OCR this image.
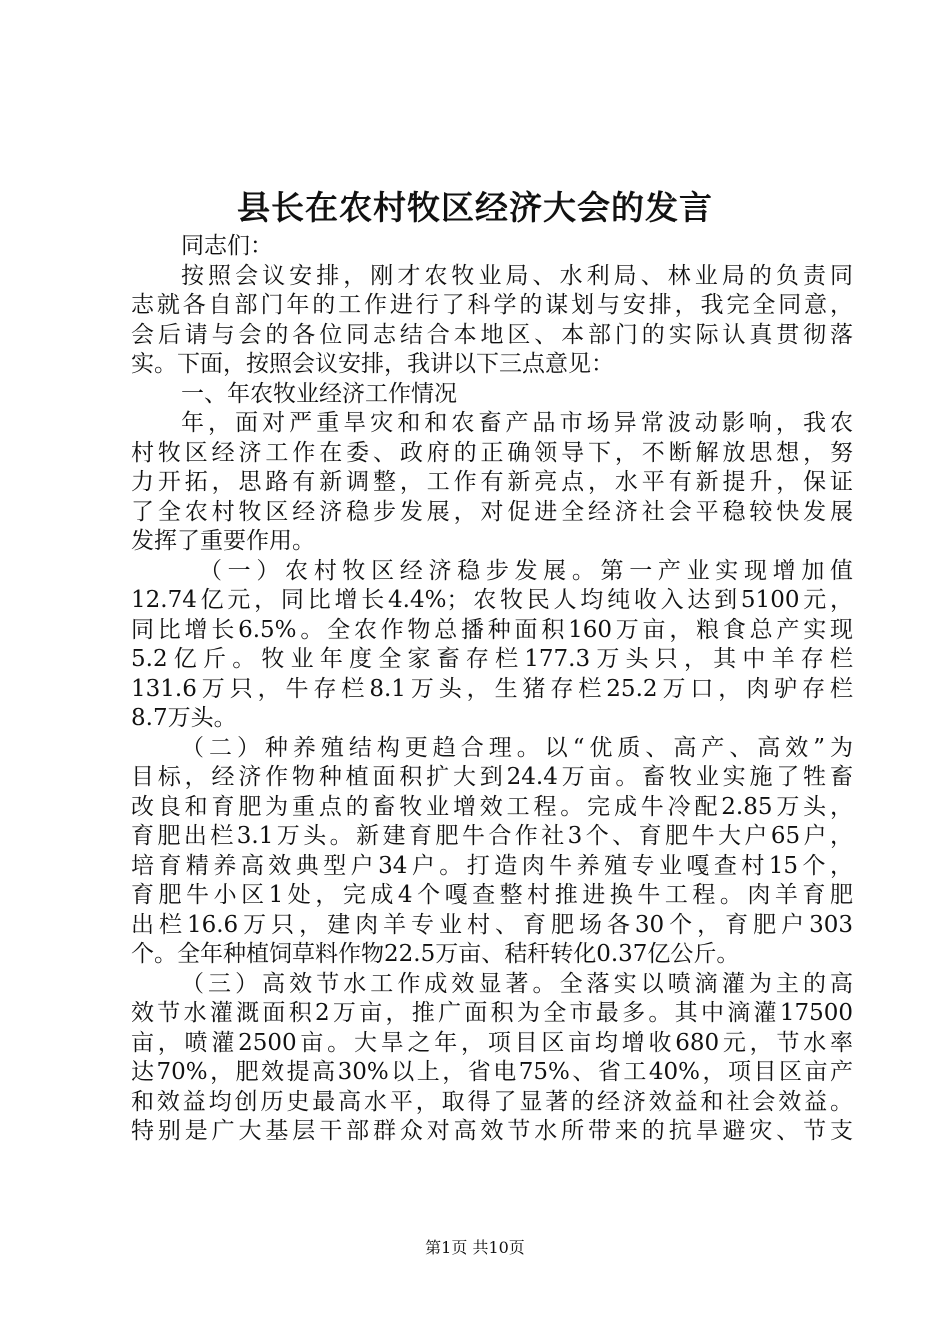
县长在农村牧区经济大会的发言
同志们：
按照会议安排，刚才农牧业局、水利局、林业局的负责同
志就各自部门年的工作进行了科学的谋划与安排，我完全同意，
会后请与会的各位同志结合本地区、本部门的实际认真贯彻落
实。下面，按照会议安排，我讲以下三点意见：
一、年农牧业经济工作情况
年，面对严重旱灾和和农畜产品市场异常波动影响，我农
村牧区经济工作在委、政府的正确领导下，不断解放思想，努
力开拓，思路有新调整，工作有新亮点，水平有新提升，保证
了全农村牧区经济稳步发展，对促进全经济社会平稳较快发展
发挥了重要作用。
（一）农村牧区经济稳步发展。第一产业实现增加值
12.74亿元，同比增长4.4%；农牧民人均纯收入达到5100元，
同比增长6.5%。全农作物总播种面积160万亩，粮食总产实现
5.2亿斤。牧业年度全家畜存栏177.3万头只，其中羊存栏
131.6万只，牛存栏8.1万头，生猪存栏25.2万口，肉驴存栏
8.7万头。
（二）种养殖结构更趋合理。以“优质、高产、高效”为
目标，经济作物种植面积扩大到24.4万亩。畜牧业实施了牲畜
改良和育肥为重点的畜牧业增效工程。完成牛冷配2.85万头，
育肥出栏3.1万头。新建育肥牛合作社3个、育肥牛大户65户，
培育精养高效典型户34户。打造肉牛养殖专业嘎查村15个，
育肥牛小区1处，完成4个嘎查整村推进换牛工程。肉羊育肥
出栏16.6万只，建肉羊专业村、育肥场各30个，育肥户303
个。全年种植饲草料作物22.5万亩、秸秆转化0.37亿公斤。
（三）高效节水工作成效显著。全落实以喷滴灌为主的高
效节水灌溉面积2万亩，推广面积为全市最多。其中滴灌17500
亩，喷灌2500亩。大旱之年，项目区亩均增收680元，节水率
达70%，肥效提高30%以上，省电75%、省工40%，项目区亩产
和效益均创历史最高水平，取得了显著的经济效益和社会效益。
特别是广大基层干部群众对高效节水所带来的抗旱避灾、节支
第1页 共10页
